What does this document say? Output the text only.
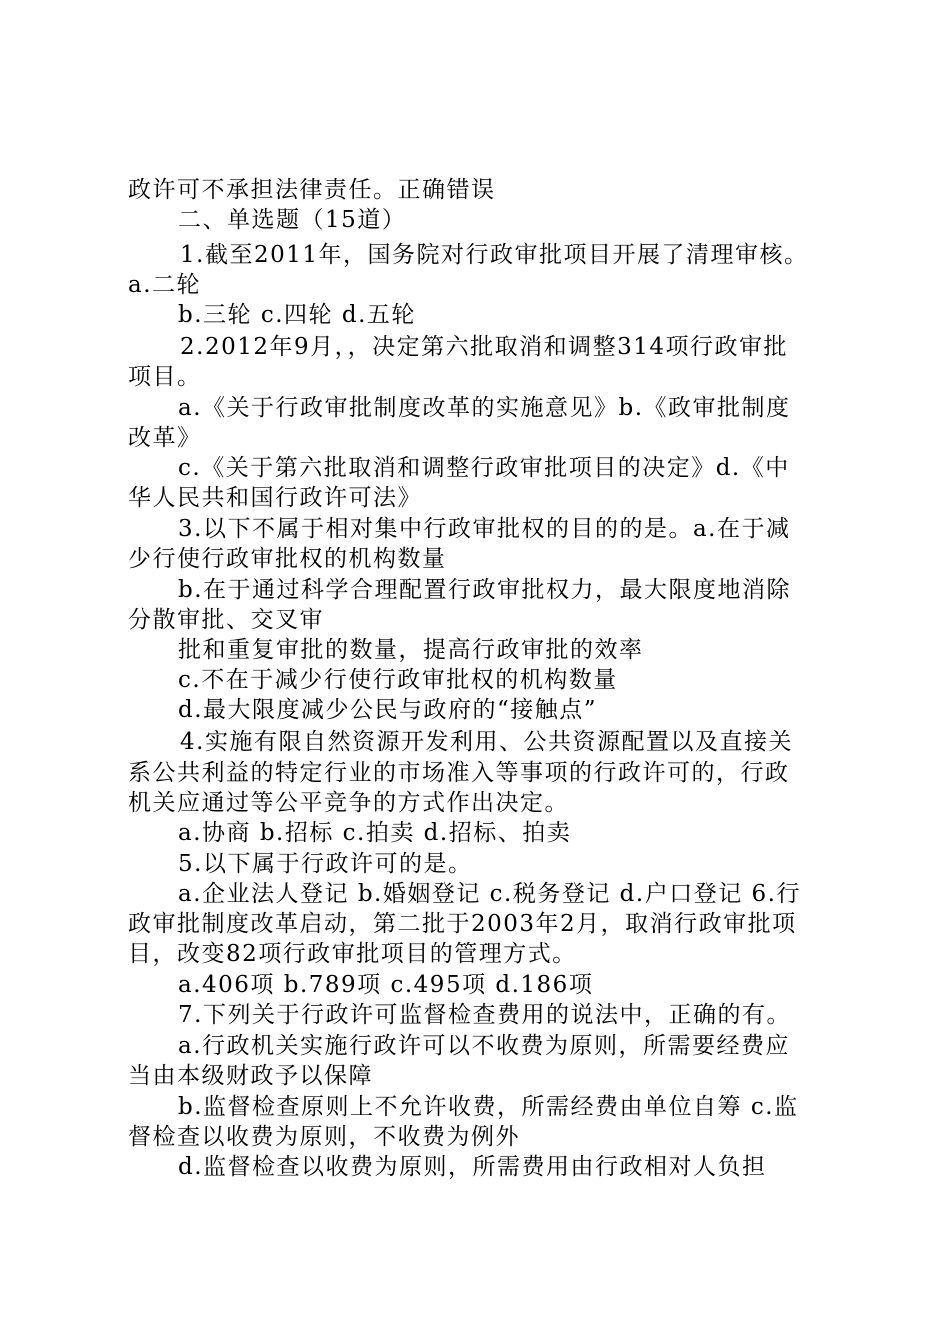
政许可不承担法律责任。正确错误
二、单选题（15道）
1.截至2011年，国务院对行政审批项目开展了清理审核。
a.二轮
b.三轮 c.四轮 d.五轮
2.2012年9月，，决定第六批取消和调整314项行政审批
项目。
a.《关于行政审批制度改革的实施意见》b.《政审批制度
改革》
c.《关于第六批取消和调整行政审批项目的决定》d.《中
华人民共和国行政许可法》
3.以下不属于相对集中行政审批权的目的的是。a.在于减
少行使行政审批权的机构数量
b.在于通过科学合理配置行政审批权力，最大限度地消除
分散审批、交叉审
批和重复审批的数量，提高行政审批的效率
c.不在于减少行使行政审批权的机构数量
d.最大限度减少公民与政府的“接触点”
4.实施有限自然资源开发利用、公共资源配置以及直接关
系公共利益的特定行业的市场准入等事项的行政许可的，行政
机关应通过等公平竞争的方式作出决定。
a.协商 b.招标 c.拍卖 d.招标、拍卖
5.以下属于行政许可的是。
a.企业法人登记 b.婚姻登记 c.税务登记 d.户口登记 6.行
政审批制度改革启动，第二批于2003年2月，取消行政审批项
目，改变82项行政审批项目的管理方式。
a.406项 b.789项 c.495项 d.186项
7.下列关于行政许可监督检查费用的说法中，正确的有。
a.行政机关实施行政许可以不收费为原则，所需要经费应
当由本级财政予以保障
b.监督检查原则上不允许收费，所需经费由单位自筹 c.监
督检查以收费为原则，不收费为例外
d.监督检查以收费为原则，所需费用由行政相对人负担
